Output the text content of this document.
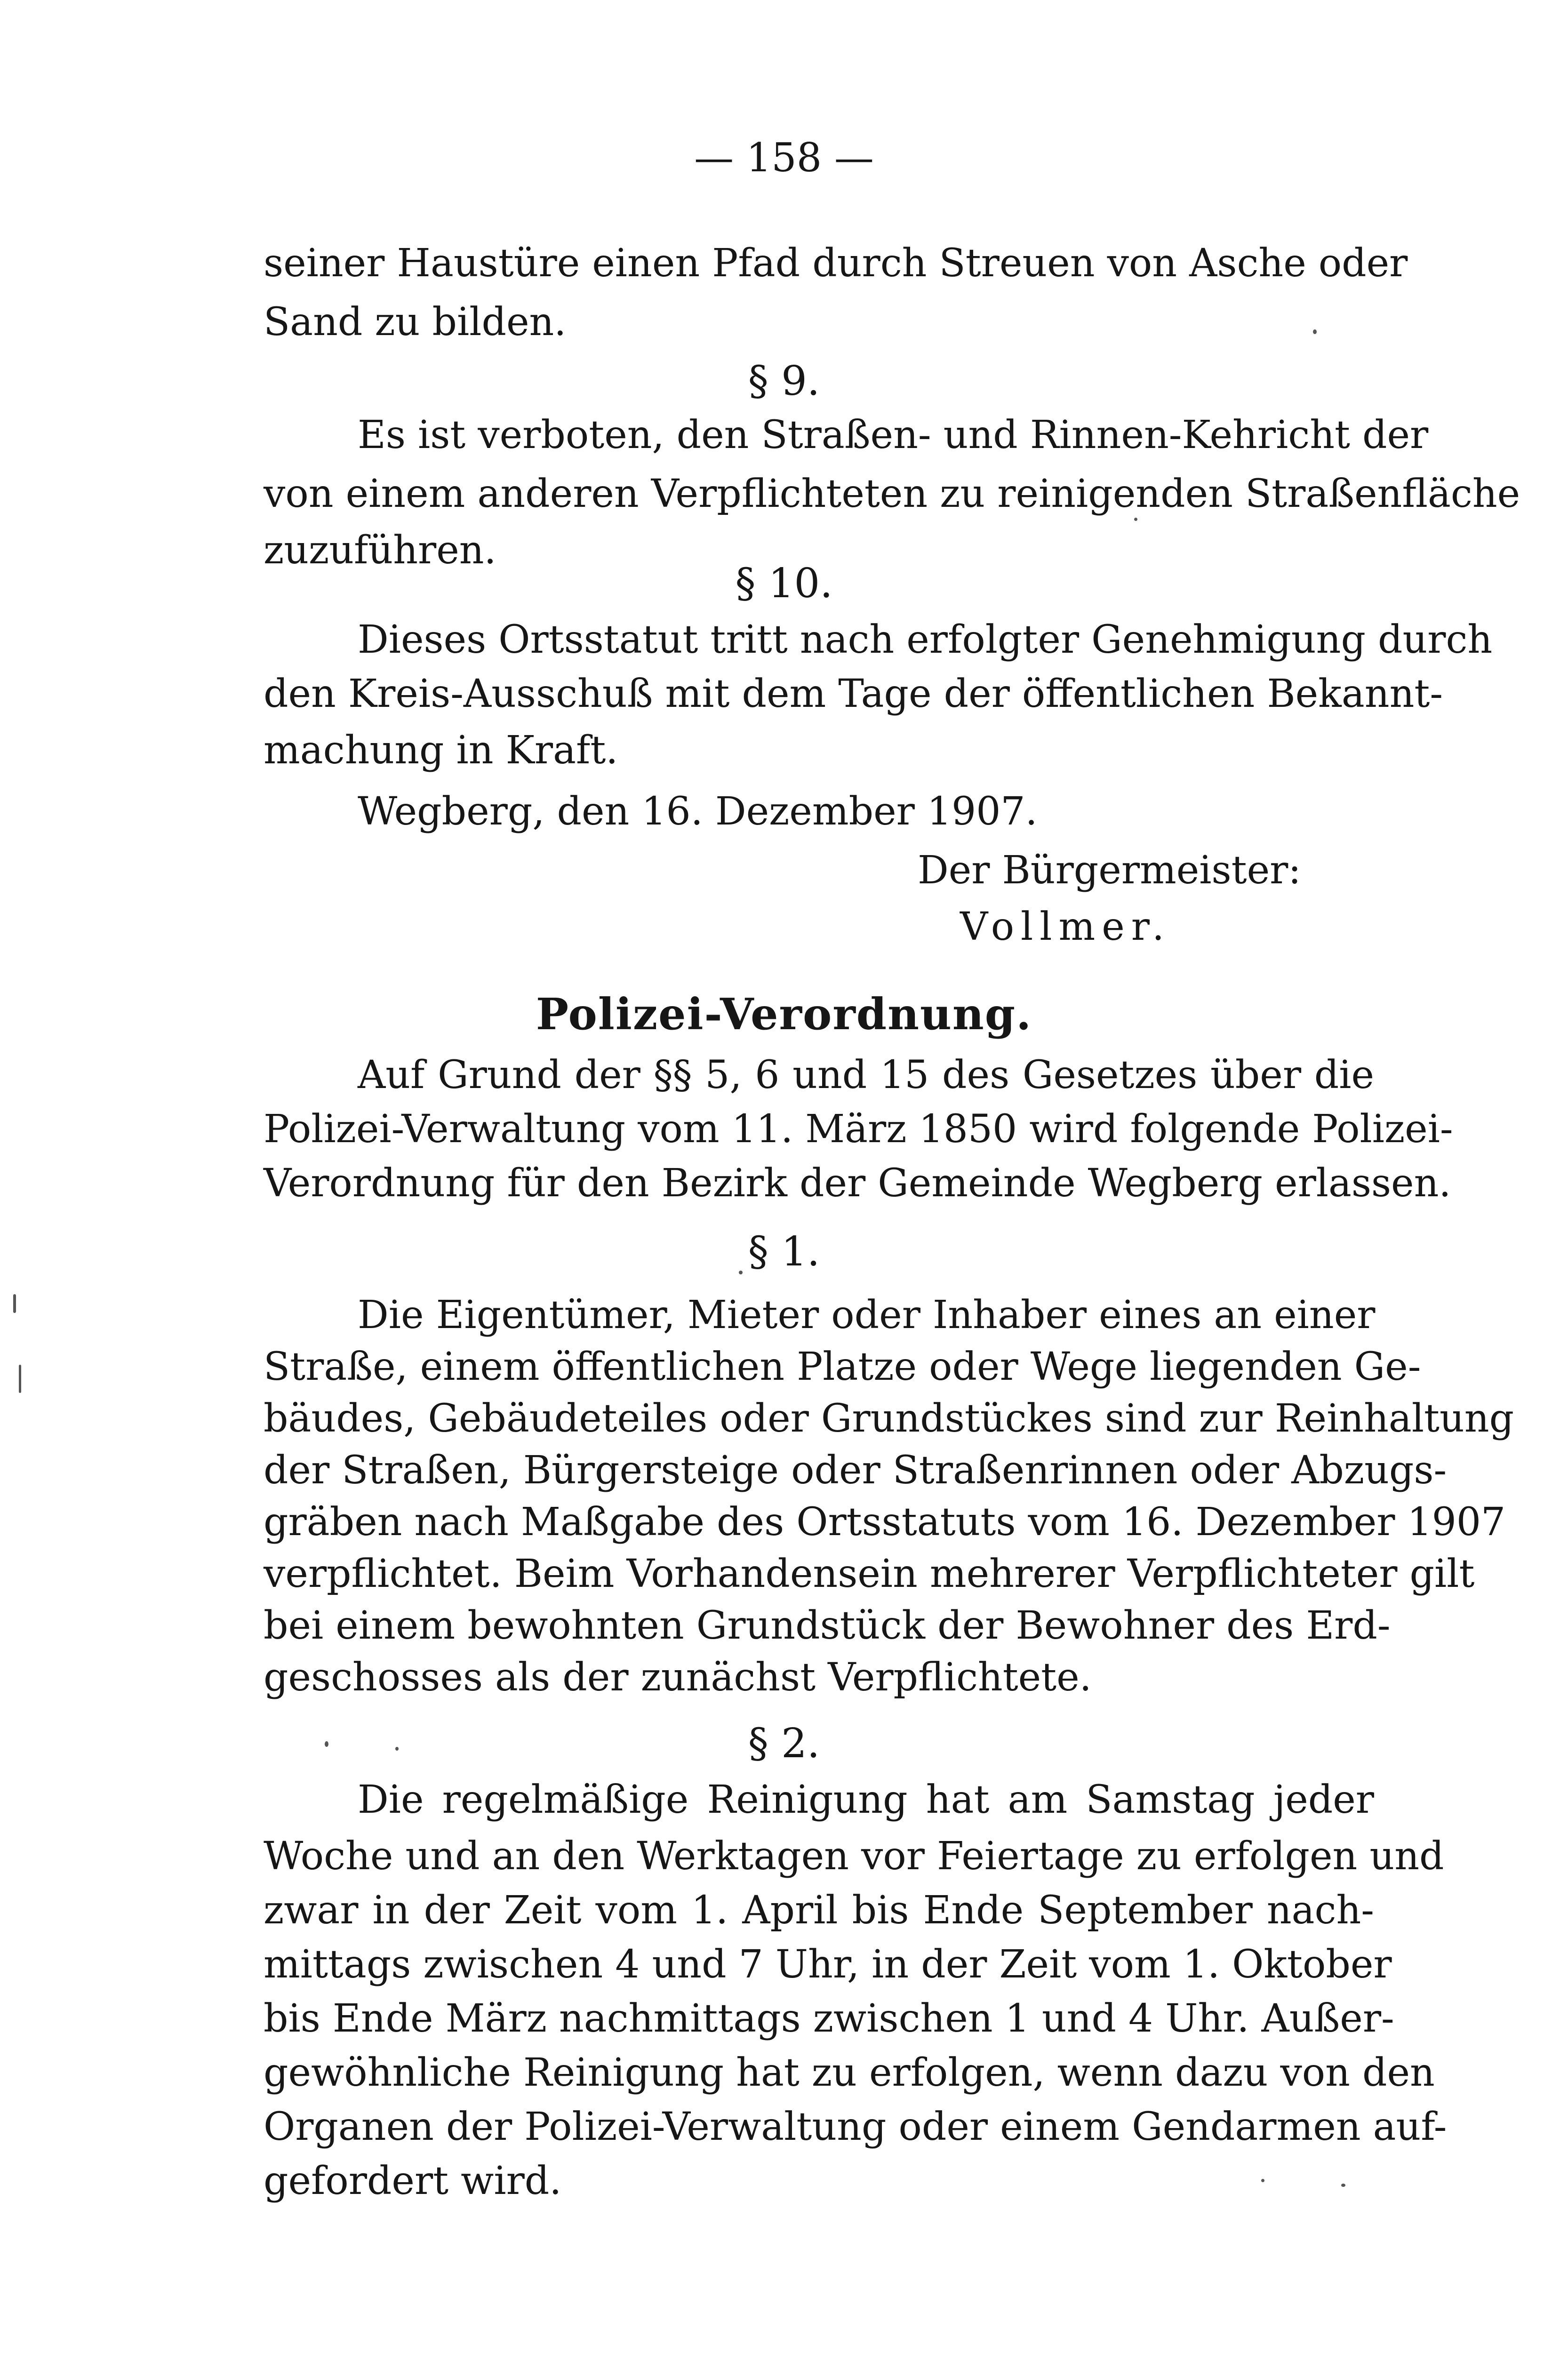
— 158 —
seiner Haustüre einen Pfad durch Streuen von Asche oder
Sand zu bilden.
§ 9.
Es ist verboten, den Straßen- und Rinnen-Kehricht der
von einem anderen Verpflichteten zu reinigenden Straßenfläche
zuzuführen.
§ 10.
Dieses Ortsstatut tritt nach erfolgter Genehmigung durch
den Kreis-Ausschuß mit dem Tage der öffentlichen Bekannt-
machung in Kraft.
Wegberg, den 16. Dezember 1907.
Der Bürgermeister:
Vollmer.
Polizei-Verordnung.
Auf Grund der §§ 5, 6 und 15 des Gesetzes über die
Polizei-Verwaltung vom 11. März 1850 wird folgende Polizei-
Verordnung für den Bezirk der Gemeinde Wegberg erlassen.
§ 1.
Die Eigentümer, Mieter oder Inhaber eines an einer
Straße, einem öffentlichen Platze oder Wege liegenden Ge-
bäudes, Gebäudeteiles oder Grundstückes sind zur Reinhaltung
der Straßen, Bürgersteige oder Straßenrinnen oder Abzugs-
gräben nach Maßgabe des Ortsstatuts vom 16. Dezember 1907
verpflichtet. Beim Vorhandensein mehrerer Verpflichteter gilt
bei einem bewohnten Grundstück der Bewohner des Erd-
geschosses als der zunächst Verpflichtete.
§ 2.
Die regelmäßige Reinigung hat am Samstag jeder
Woche und an den Werktagen vor Feiertage zu erfolgen und
zwar in der Zeit vom 1. April bis Ende September nach-
mittags zwischen 4 und 7 Uhr, in der Zeit vom 1. Oktober
bis Ende März nachmittags zwischen 1 und 4 Uhr. Außer-
gewöhnliche Reinigung hat zu erfolgen, wenn dazu von den
Organen der Polizei-Verwaltung oder einem Gendarmen auf-
gefordert wird.
